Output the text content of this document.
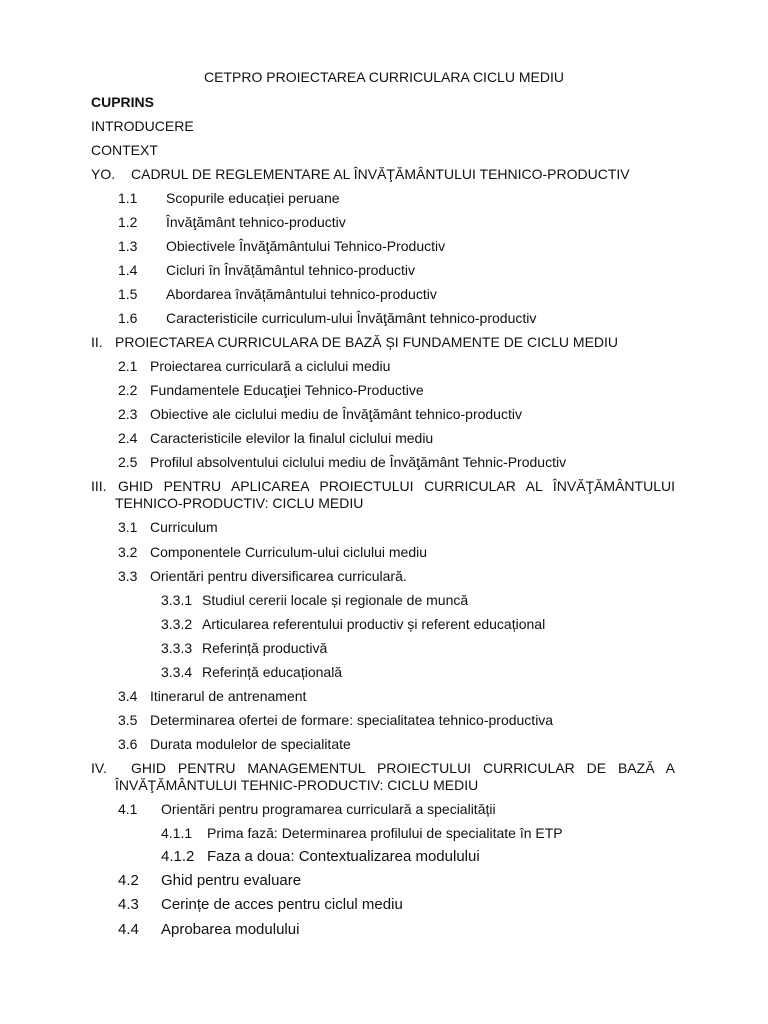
CETPRO PROIECTAREA CURRICULARA CICLU MEDIU
CUPRINS
INTRODUCERE
CONTEXT
YO. CADRUL DE REGLEMENTARE AL ÎNVĂŢĂMÂNTULUI TEHNICO-PRODUCTIV
1.1 Scopurile educației peruane
1.2 Învăţământ tehnico-productiv
1.3 Obiectivele Învăţământului Tehnico-Productiv
1.4 Cicluri în Învățământul tehnico-productiv
1.5 Abordarea învățământului tehnico-productiv
1.6 Caracteristicile curriculum-ului Învăţământ tehnico-productiv
II. PROIECTAREA CURRICULARA DE BAZĂ ȘI FUNDAMENTE DE CICLU MEDIU
2.1 Proiectarea curriculară a ciclului mediu
2.2 Fundamentele Educaţiei Tehnico-Productive
2.3 Obiective ale ciclului mediu de Învăţământ tehnico-productiv
2.4 Caracteristicile elevilor la finalul ciclului mediu
2.5 Profilul absolventului ciclului mediu de Învăţământ Tehnic-Productiv
III. GHID PENTRU APLICAREA PROIECTULUI CURRICULAR AL ÎNVĂŢĂMÂNTULUI
TEHNICO-PRODUCTIV: CICLU MEDIU
3.1 Curriculum
3.2 Componentele Curriculum-ului ciclului mediu
3.3 Orientări pentru diversificarea curriculară.
3.3.1 Studiul cererii locale și regionale de muncă
3.3.2 Articularea referentului productiv și referent educațional
3.3.3 Referință productivă
3.3.4 Referință educațională
3.4 Itinerarul de antrenament
3.5 Determinarea ofertei de formare: specialitatea tehnico-productiva
3.6 Durata modulelor de specialitate
IV. GHID PENTRU MANAGEMENTUL PROIECTULUI CURRICULAR DE BAZĂ A
ÎNVĂŢĂMÂNTULUI TEHNIC-PRODUCTIV: CICLU MEDIU
4.1 Orientări pentru programarea curriculară a specialității
4.1.1 Prima fază: Determinarea profilului de specialitate în ETP
4.1.2 Faza a doua: Contextualizarea modulului
4.2 Ghid pentru evaluare
4.3 Cerințe de acces pentru ciclul mediu
4.4 Aprobarea modulului
